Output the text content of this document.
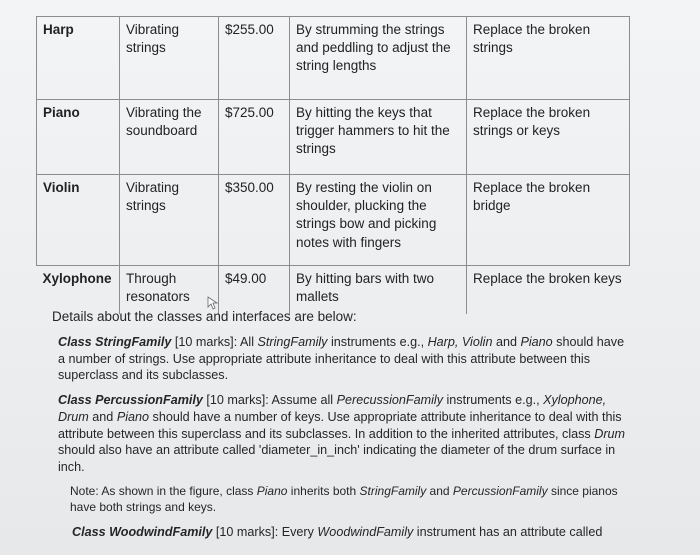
Harp	Vibrating strings	$255.00	By strumming the strings and peddling to adjust the string lengths	Replace the broken strings
Piano	Vibrating the soundboard	$725.00	By hitting the keys that trigger hammers to hit the strings	Replace the broken strings or keys
Violin	Vibrating strings	$350.00	By resting the violin on shoulder, plucking the strings bow and picking notes with fingers	Replace the broken bridge
Xylophone	Through resonators	$49.00	By hitting bars with two mallets	Replace the broken keys
Details about the classes and interfaces are below:

Class StringFamily [10 marks]: All StringFamily instruments e.g., Harp, Violin and Piano should have a number of strings. Use appropriate attribute inheritance to deal with this attribute between this superclass and its subclasses.

Class PercussionFamily [10 marks]: Assume all PerecussionFamily instruments e.g., Xylophone, Drum and Piano should have a number of keys. Use appropriate attribute inheritance to deal with this attribute between this superclass and its subclasses. In addition to the inherited attributes, class Drum should also have an attribute called 'diameter_in_inch' indicating the diameter of the drum surface in inch.

Note: As shown in the figure, class Piano inherits both StringFamily and PercussionFamily since pianos have both strings and keys.

Class WoodwindFamily [10 marks]: Every WoodwindFamily instrument has an attribute called
